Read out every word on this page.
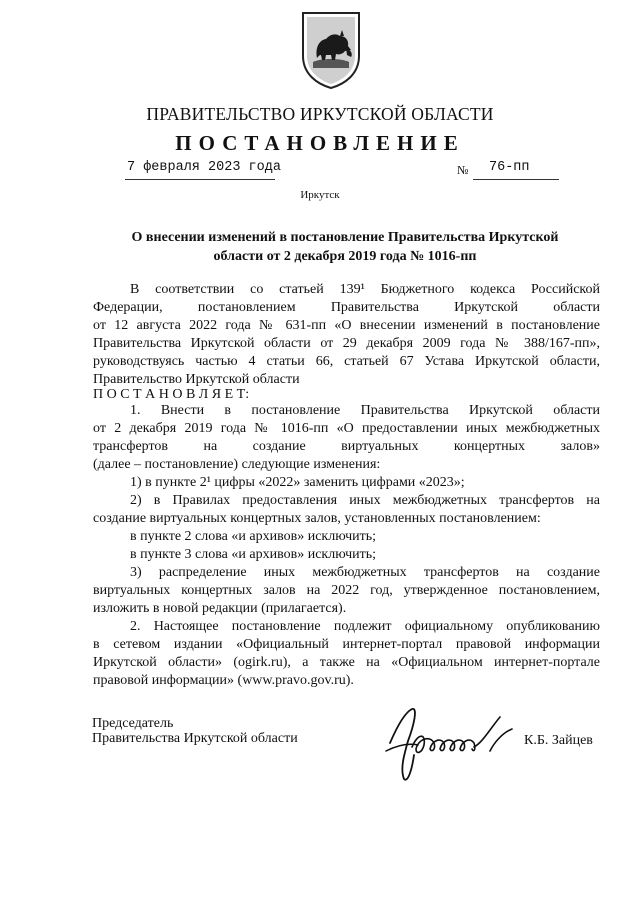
ПРАВИТЕЛЬСТВО ИРКУТСКОЙ ОБЛАСТИ
ПОСТАНОВЛЕНИЕ
7 февраля 2023 года	№ 76-пп
Иркутск
О внесении изменений в постановление Правительства Иркутской
области от 2 декабря 2019 года № 1016-пп
В соответствии со статьей 139¹ Бюджетного кодекса Российской
Федерации, постановлением Правительства Иркутской области
от 12 августа 2022 года № 631-пп «О внесении изменений в постановление
Правительства Иркутской области от 29 декабря 2009 года № 388/167-пп»,
руководствуясь частью 4 статьи 66, статьей 67 Устава Иркутской области,
Правительство Иркутской области
П О С Т А Н О В Л Я Е Т:
1. Внести в постановление Правительства Иркутской области
от 2 декабря 2019 года № 1016-пп «О предоставлении иных межбюджетных
трансфертов на создание виртуальных концертных залов»
(далее – постановление) следующие изменения:
1) в пункте 2¹ цифры «2022» заменить цифрами «2023»;
2) в Правилах предоставления иных межбюджетных трансфертов на
создание виртуальных концертных залов, установленных постановлением:
в пункте 2 слова «и архивов» исключить;
в пункте 3 слова «и архивов» исключить;
3) распределение иных межбюджетных трансфертов на создание
виртуальных концертных залов на 2022 год, утвержденное постановлением,
изложить в новой редакции (прилагается).
2. Настоящее постановление подлежит официальному опубликованию
в сетевом издании «Официальный интернет-портал правовой информации
Иркутской области» (ogirk.ru), а также на «Официальном интернет-портале
правовой информации» (www.pravo.gov.ru).
Председатель
Правительства Иркутской области	К.Б. Зайцев
